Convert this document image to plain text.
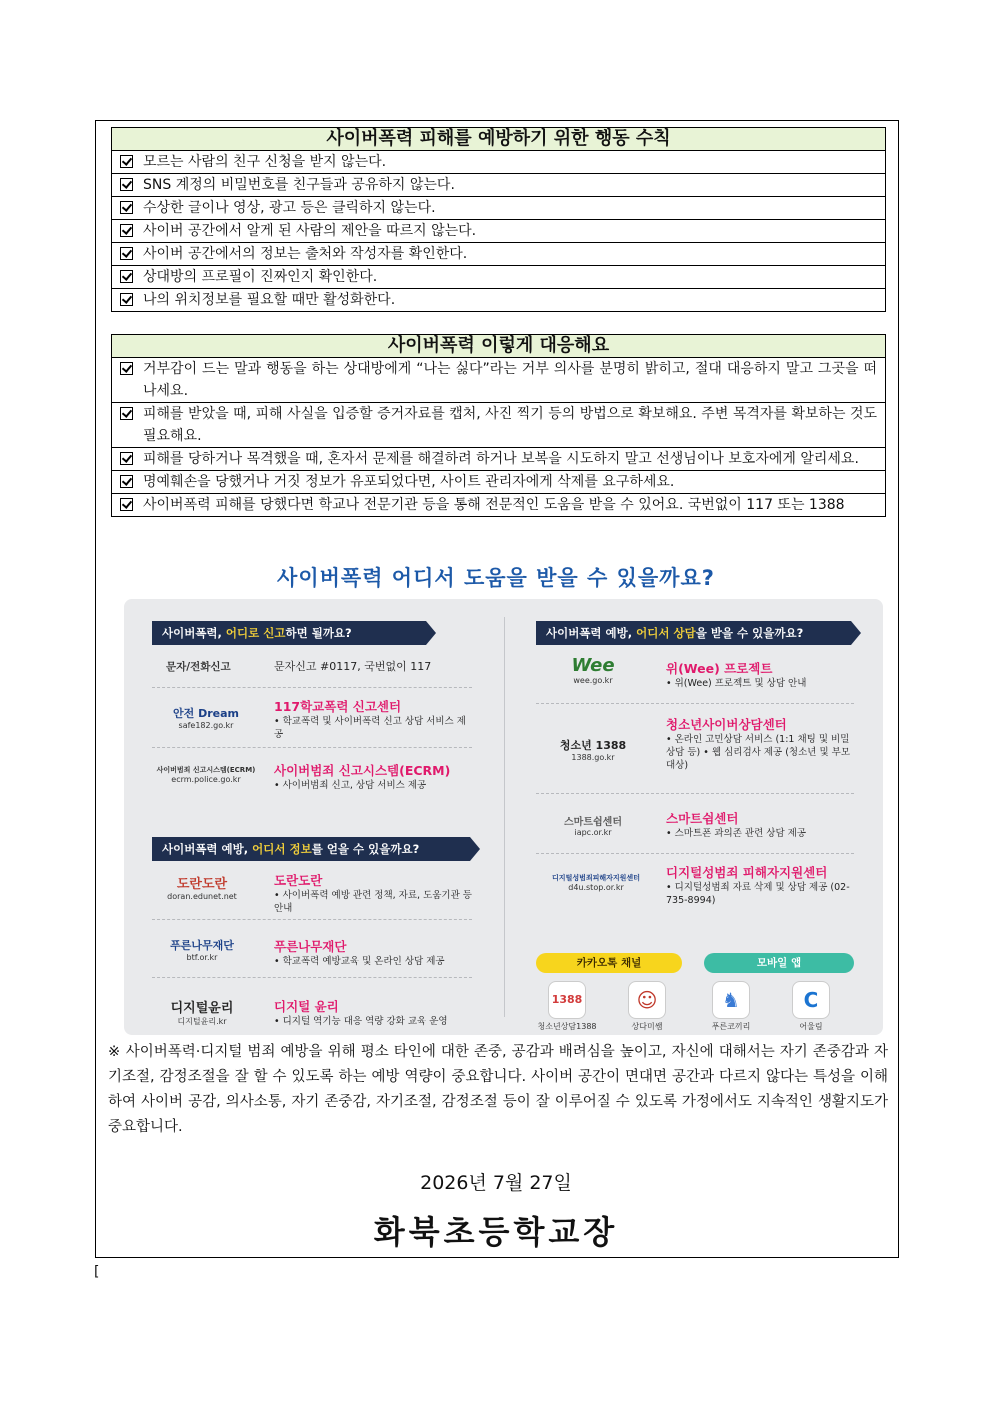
사이버폭력 피해를 예방하기 위한 행동 수칙
모르는 사람의 친구 신청을 받지 않는다.
SNS 계정의 비밀번호를 친구들과 공유하지 않는다.
수상한 글이나 영상, 광고 등은 클릭하지 않는다.
사이버 공간에서 알게 된 사람의 제안을 따르지 않는다.
사이버 공간에서의 정보는 출처와 작성자를 확인한다.
상대방의 프로필이 진짜인지 확인한다.
나의 위치정보를 필요할 때만 활성화한다.
사이버폭력 이렇게 대응해요
거부감이 드는 말과 행동을 하는 상대방에게 “나는 싫다”라는 거부 의사를 분명히 밝히고, 절대 대응하지 말고 그곳을 떠나세요.
피해를 받았을 때, 피해 사실을 입증할 증거자료를 캡처, 사진 찍기 등의 방법으로 확보해요. 주변 목격자를 확보하는 것도 필요해요.
피해를 당하거나 목격했을 때, 혼자서 문제를 해결하려 하거나 보복을 시도하지 말고 선생님이나 보호자에게 알리세요.
명예훼손을 당했거나 거짓 정보가 유포되었다면, 사이트 관리자에게 삭제를 요구하세요.
사이버폭력 피해를 당했다면 학교나 전문기관 등을 통해 전문적인 도움을 받을 수 있어요. 국번없이 117 또는 1388
사이버폭력 어디서 도움을 받을 수 있을까요?
사이버폭력, 어디로 신고하면 될까요?
문자/전화신고	문자신고 #0117, 국번없이 117
안전 Dream
safe182.go.kr
117학교폭력 신고센터
• 학교폭력 및 사이버폭력 신고 상담 서비스 제공
사이버범죄 신고시스템(ECRM)
ecrm.police.go.kr
사이버범죄 신고시스템(ECRM)
• 사이버범죄 신고, 상담 서비스 제공
사이버폭력 예방, 어디서 정보를 얻을 수 있을까요?
도란도란
doran.edunet.net
도란도란
• 사이버폭력 예방 관련 정책, 자료, 도움기관 등 안내
푸른나무재단
btf.or.kr
푸른나무재단
• 학교폭력 예방교육 및 온라인 상담 제공
디지털윤리
디지털윤리.kr
디지털 윤리
• 디지털 역기능 대응 역량 강화 교육 운영
사이버폭력 예방, 어디서 상담을 받을 수 있을까요?
Wee
wee.go.kr
위(Wee) 프로젝트
• 위(Wee) 프로젝트 및 상담 안내
청소년 1388
1388.go.kr
청소년사이버상담센터
• 온라인 고민상담 서비스 (1:1 채팅 및 비밀상담 등) • 웹 심리검사 제공 (청소년 및 부모 대상)
스마트쉼센터
iapc.or.kr
스마트쉼센터
• 스마트폰 과의존 관련 상담 제공
디지털성범죄피해자지원센터
d4u.stop.or.kr
디지털성범죄 피해자지원센터
• 디지털성범죄 자료 삭제 및 상담 제공 (02-735-8994)
카카오톡 채널	모바일 앱
1388
청소년상담1388
☺
상다미쌤
♞
푸른코끼리
C
어울림
※ 사이버폭력·디지털 범죄 예방을 위해 평소 타인에 대한 존중, 공감과 배려심을 높이고, 자신에 대해서는 자기 존중감과 자기조절, 감정조절을 잘 할 수 있도록 하는 예방 역량이 중요합니다. 사이버 공간이 면대면 공간과 다르지 않다는 특성을 이해하여 사이버 공감, 의사소통, 자기 존중감, 자기조절, 감정조절 등이 잘 이루어질 수 있도록 가정에서도 지속적인 생활지도가 중요합니다.
2026년 7월 27일
화북초등학교장
[
